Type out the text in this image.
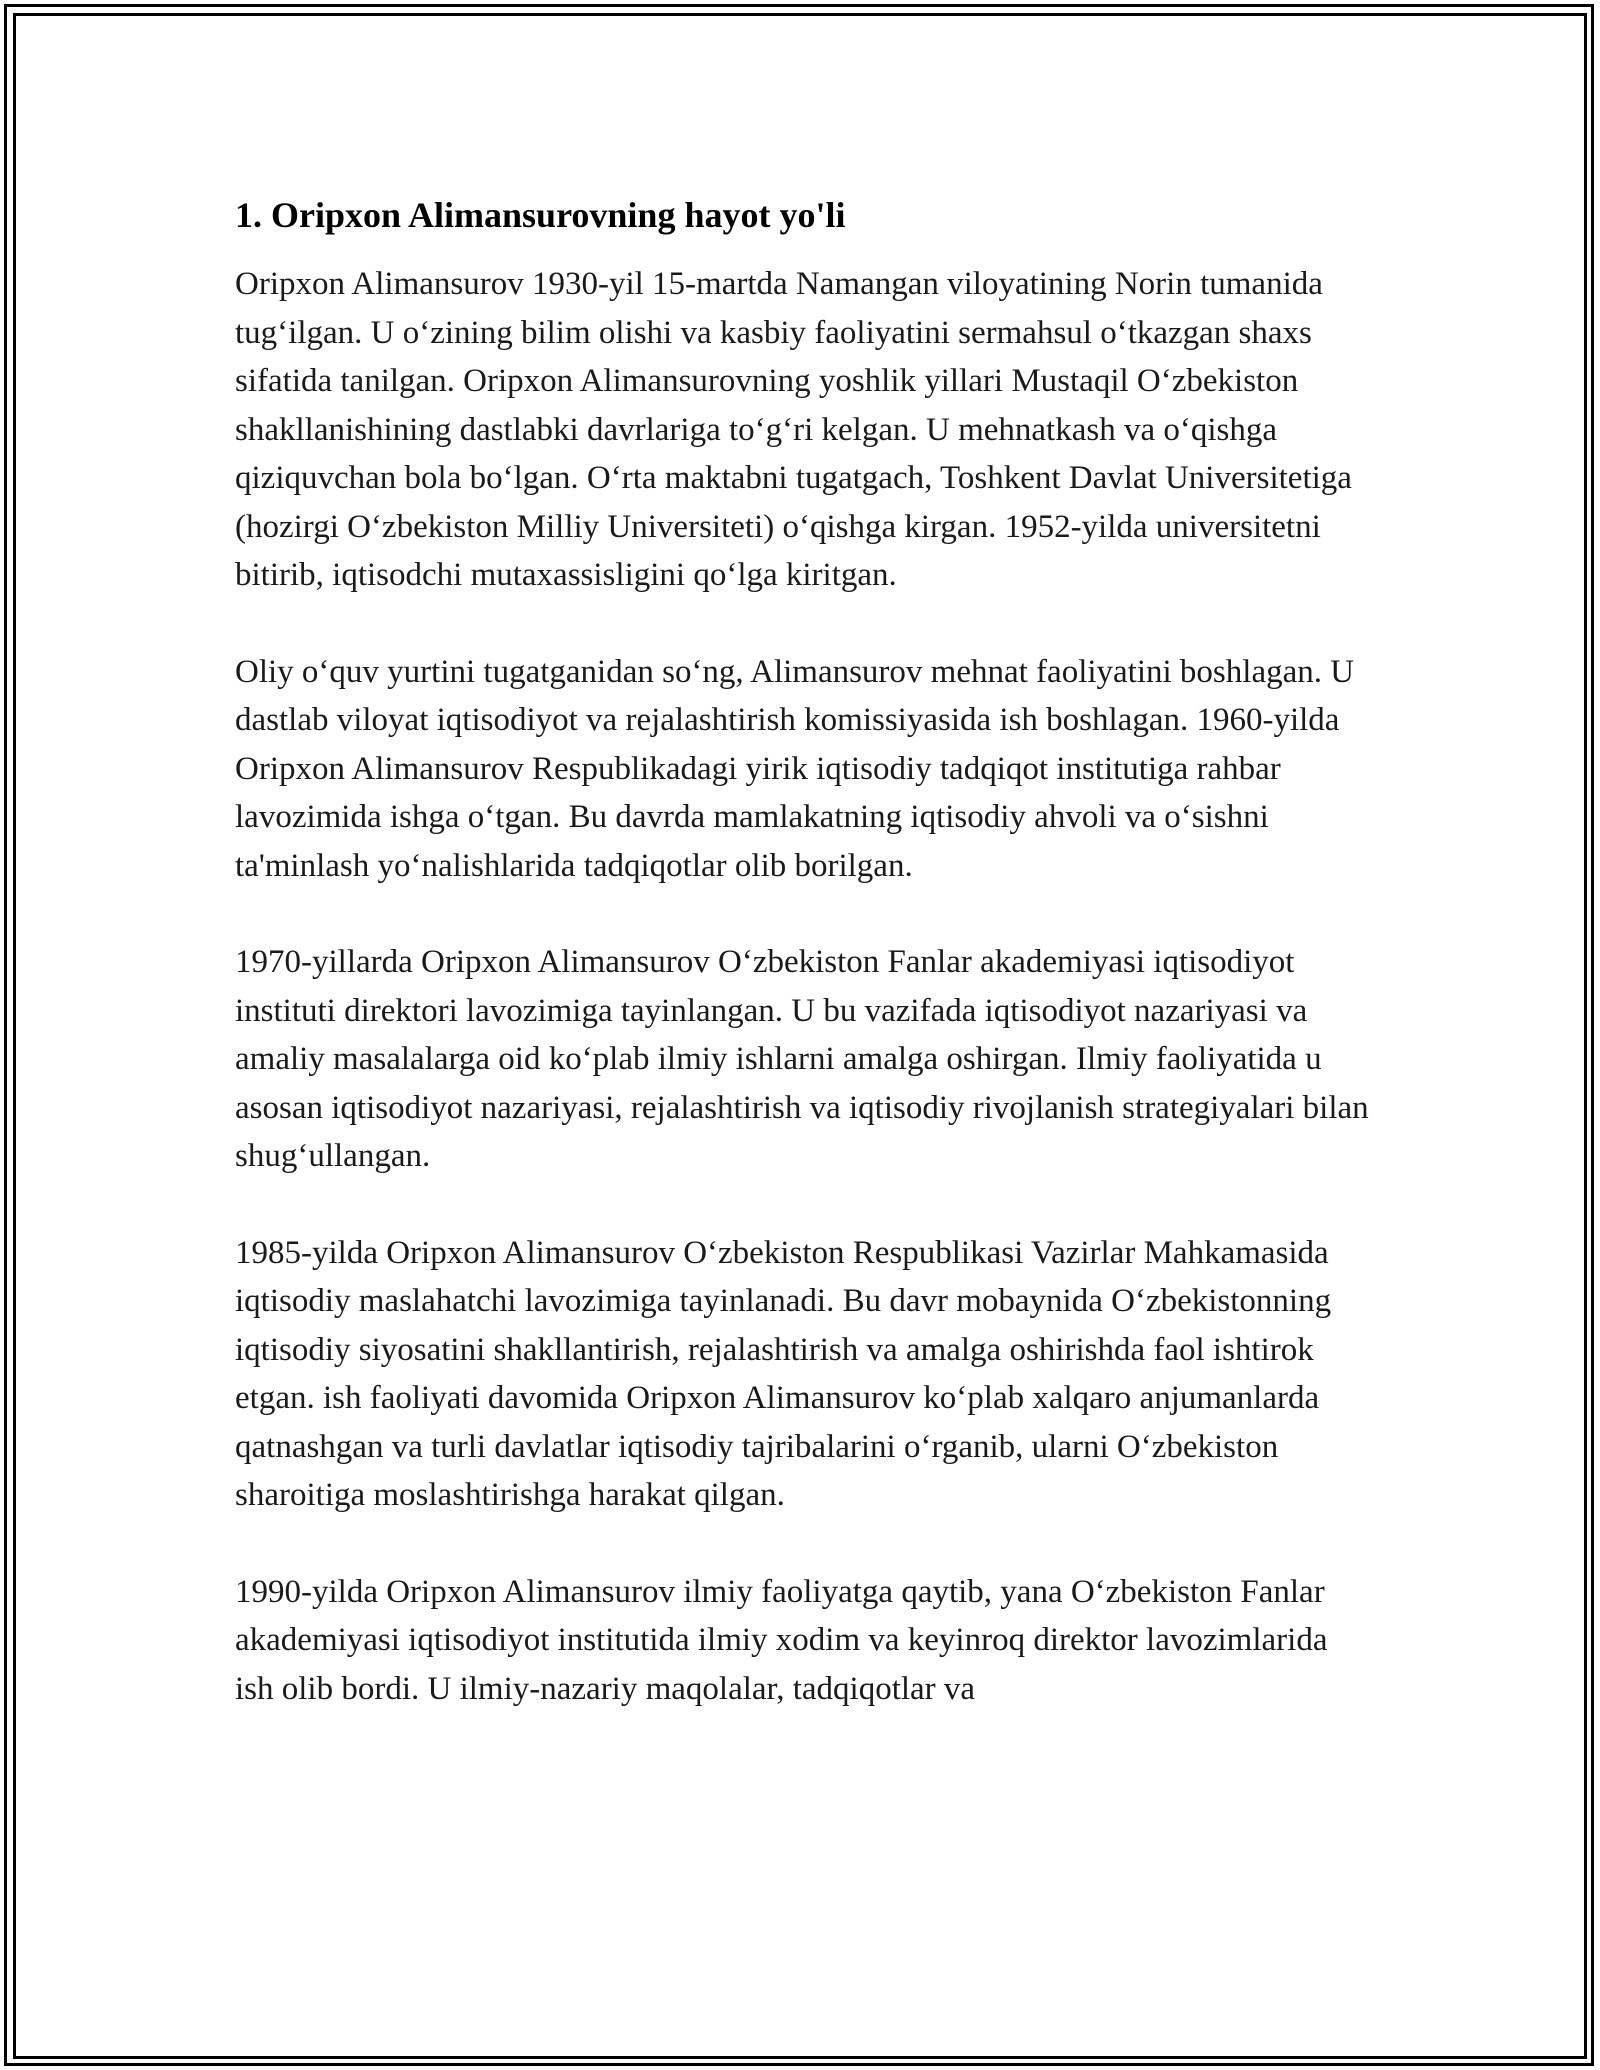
1. Oripxon Alimansurovning hayot yo'li

Oripxon Alimansurov 1930-yil 15-martda Namangan viloyatining Norin tumanida tug‘ilgan. U o‘zining bilim olishi va kasbiy faoliyatini sermahsul o‘tkazgan shaxs sifatida tanilgan. Oripxon Alimansurovning yoshlik yillari Mustaqil O‘zbekiston shakllanishining dastlabki davrlariga to‘g‘ri kelgan. U mehnatkash va o‘qishga qiziquvchan bola bo‘lgan. O‘rta maktabni tugatgach, Toshkent Davlat Universitetiga (hozirgi O‘zbekiston Milliy Universiteti) o‘qishga kirgan. 1952-yilda universitetni bitirib, iqtisodchi mutaxassisligini qo‘lga kiritgan.

Oliy o‘quv yurtini tugatganidan so‘ng, Alimansurov mehnat faoliyatini boshlagan. U dastlab viloyat iqtisodiyot va rejalashtirish komissiyasida ish boshlagan. 1960-yilda Oripxon Alimansurov Respublikadagi yirik iqtisodiy tadqiqot institutiga rahbar lavozimida ishga o‘tgan. Bu davrda mamlakatning iqtisodiy ahvoli va o‘sishni ta'minlash yo‘nalishlarida tadqiqotlar olib borilgan.

1970-yillarda Oripxon Alimansurov O‘zbekiston Fanlar akademiyasi iqtisodiyot instituti direktori lavozimiga tayinlangan. U bu vazifada iqtisodiyot nazariyasi va amaliy masalalarga oid ko‘plab ilmiy ishlarni amalga oshirgan. Ilmiy faoliyatida u asosan iqtisodiyot nazariyasi, rejalashtirish va iqtisodiy rivojlanish strategiyalari bilan shug‘ullangan.

1985-yilda Oripxon Alimansurov O‘zbekiston Respublikasi Vazirlar Mahkamasida iqtisodiy maslahatchi lavozimiga tayinlanadi. Bu davr mobaynida O‘zbekistonning iqtisodiy siyosatini shakllantirish, rejalashtirish va amalga oshirishda faol ishtirok etgan. ish faoliyati davomida Oripxon Alimansurov ko‘plab xalqaro anjumanlarda qatnashgan va turli davlatlar iqtisodiy tajribalarini o‘rganib, ularni O‘zbekiston sharoitiga moslashtirishga harakat qilgan.

1990-yilda Oripxon Alimansurov ilmiy faoliyatga qaytib, yana O‘zbekiston Fanlar akademiyasi iqtisodiyot institutida ilmiy xodim va keyinroq direktor lavozimlarida ish olib bordi. U ilmiy-nazariy maqolalar, tadqiqotlar va
